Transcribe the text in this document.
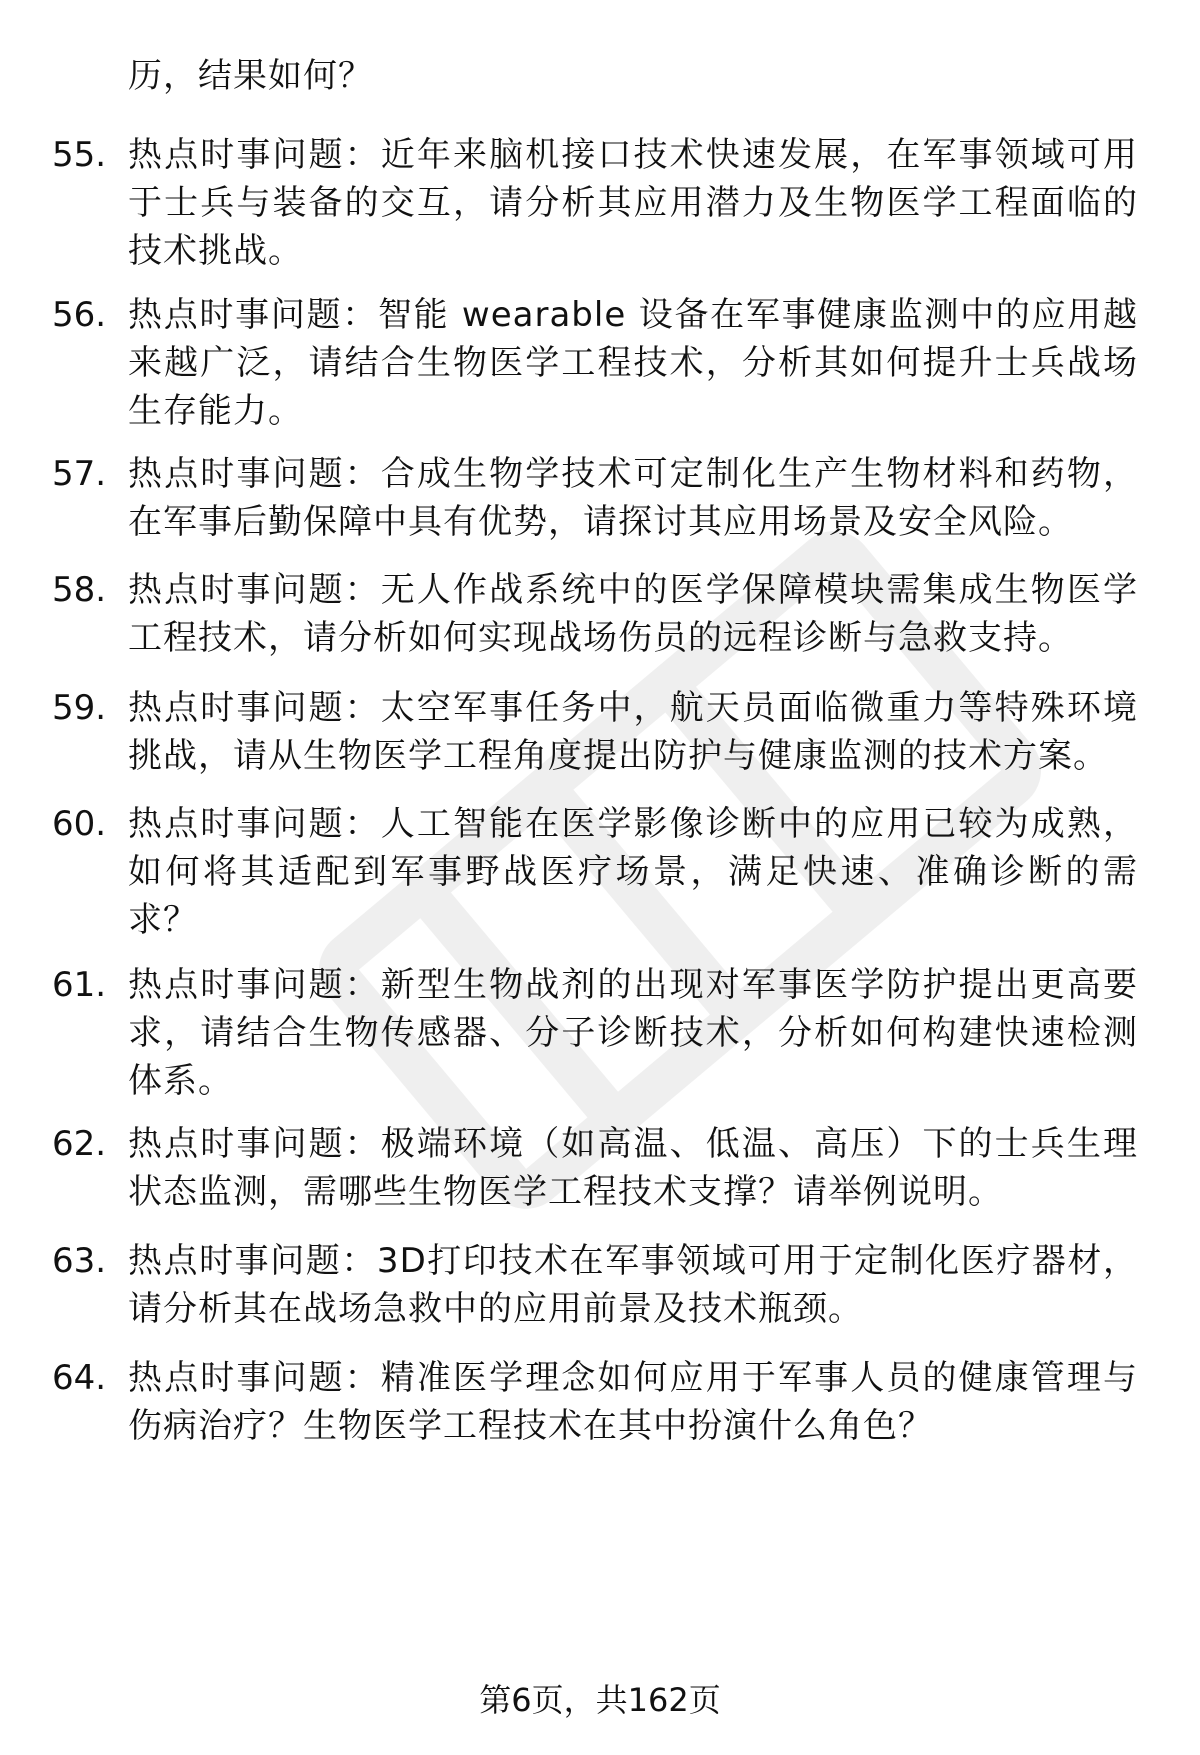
历，结果如何？
55. 热点时事问题：近年来脑机接口技术快速发展，在军事领域可用于士兵与装备的交互，请分析其应用潜力及生物医学工程面临的技术挑战。
56. 热点时事问题：智能 wearable 设备在军事健康监测中的应用越来越广泛，请结合生物医学工程技术，分析其如何提升士兵战场生存能力。
57. 热点时事问题：合成生物学技术可定制化生产生物材料和药物，在军事后勤保障中具有优势，请探讨其应用场景及安全风险。
58. 热点时事问题：无人作战系统中的医学保障模块需集成生物医学工程技术，请分析如何实现战场伤员的远程诊断与急救支持。
59. 热点时事问题：太空军事任务中，航天员面临微重力等特殊环境挑战，请从生物医学工程角度提出防护与健康监测的技术方案。
60. 热点时事问题：人工智能在医学影像诊断中的应用已较为成熟，如何将其适配到军事野战医疗场景，满足快速、准确诊断的需求？
61. 热点时事问题：新型生物战剂的出现对军事医学防护提出更高要求，请结合生物传感器、分子诊断技术，分析如何构建快速检测体系。
62. 热点时事问题：极端环境（如高温、低温、高压）下的士兵生理状态监测，需哪些生物医学工程技术支撑？请举例说明。
63. 热点时事问题：3D打印技术在军事领域可用于定制化医疗器材，请分析其在战场急救中的应用前景及技术瓶颈。
64. 热点时事问题：精准医学理念如何应用于军事人员的健康管理与伤病治疗？生物医学工程技术在其中扮演什么角色？
第6页，共162页
